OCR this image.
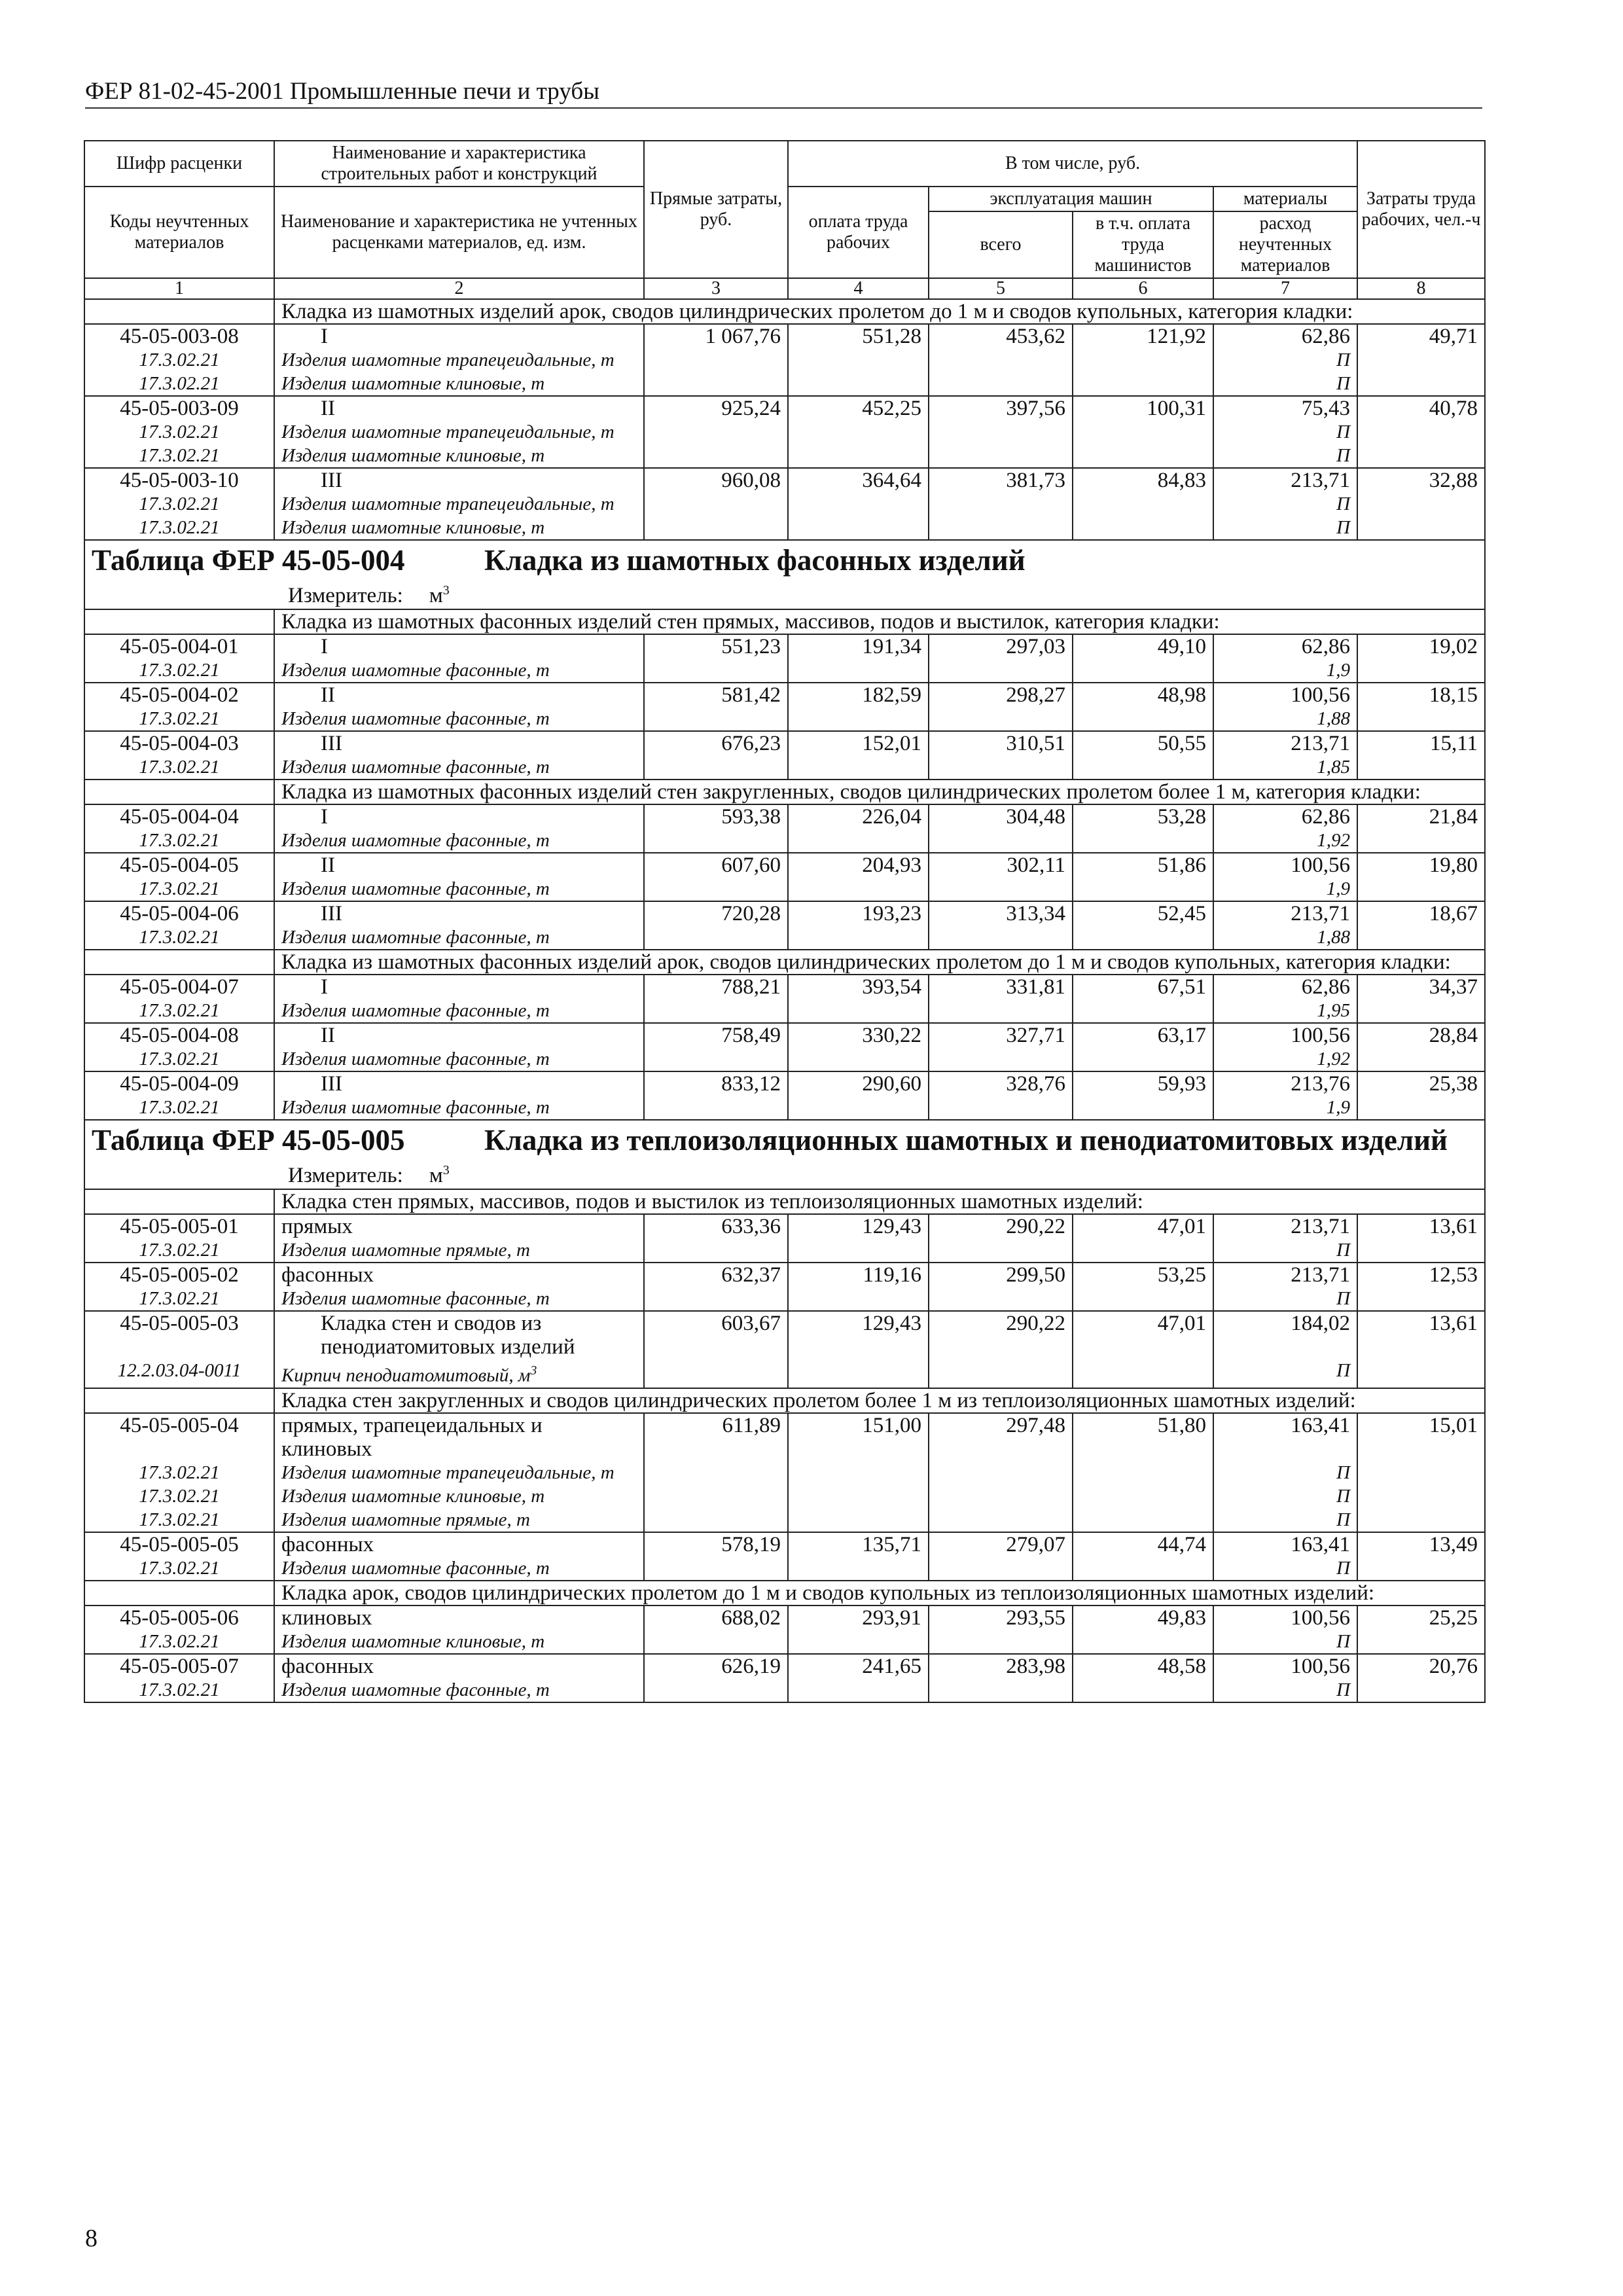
ФЕР 81-02-45-2001 Промышленные печи и трубы
Шифр расценки	Наименование и характеристика строительных работ и конструкций	Прямые затраты, руб.	В том числе, руб.				Затраты труда рабочих, чел.-ч
Коды неучтенных материалов	Наименование и характеристика не учтенных расценками материалов, ед. изм.		оплата труда рабочих	эксплуатация машин		материалы	
				всего	в т.ч. оплата труда машинистов	расход неучтенных материалов	
1	2	3	4	5	6	7	8
	Кладка из шамотных изделий арок, сводов цилиндрических пролетом до 1 м и сводов купольных, категория кладки:						
45-05-003-08	I	1 067,76	551,28	453,62	121,92	62,86	49,71
17.3.02.21	Изделия шамотные трапецеидальные, т					П	
17.3.02.21	Изделия шамотные клиновые, т					П	
45-05-003-09	II	925,24	452,25	397,56	100,31	75,43	40,78
17.3.02.21	Изделия шамотные трапецеидальные, т					П	
17.3.02.21	Изделия шамотные клиновые, т					П	
45-05-003-10	III	960,08	364,64	381,73	84,83	213,71	32,88
17.3.02.21	Изделия шамотные трапецеидальные, т					П	
17.3.02.21	Изделия шамотные клиновые, т					П	
Таблица ФЕР 45-05-004 Кладка из шамотных фасонных изделий							
Измеритель: $м^3$
	Кладка из шамотных фасонных изделий стен прямых, массивов, подов и выстилок, категория кладки:						
45-05-004-01	I	551,23	191,34	297,03	49,10	62,86	19,02
17.3.02.21	Изделия шамотные фасонные, т					1,9	
45-05-004-02	II	581,42	182,59	298,27	48,98	100,56	18,15
17.3.02.21	Изделия шамотные фасонные, т					1,88	
45-05-004-03	III	676,23	152,01	310,51	50,55	213,71	15,11
17.3.02.21	Изделия шамотные фасонные, т					1,85	
	Кладка из шамотных фасонных изделий стен закругленных, сводов цилиндрических пролетом более 1 м, категория кладки:						
45-05-004-04	I	593,38	226,04	304,48	53,28	62,86	21,84
17.3.02.21	Изделия шамотные фасонные, т					1,92	
45-05-004-05	II	607,60	204,93	302,11	51,86	100,56	19,80
17.3.02.21	Изделия шамотные фасонные, т					1,9	
45-05-004-06	III	720,28	193,23	313,34	52,45	213,71	18,67
17.3.02.21	Изделия шамотные фасонные, т					1,88	
	Кладка из шамотных фасонных изделий арок, сводов цилиндрических пролетом до 1 м и сводов купольных, категория кладки:						
45-05-004-07	I	788,21	393,54	331,81	67,51	62,86	34,37
17.3.02.21	Изделия шамотные фасонные, т					1,95	
45-05-004-08	II	758,49	330,22	327,71	63,17	100,56	28,84
17.3.02.21	Изделия шамотные фасонные, т					1,92	
45-05-004-09	III	833,12	290,60	328,76	59,93	213,76	25,38
17.3.02.21	Изделия шамотные фасонные, т					1,9	
Таблица ФЕР 45-05-005 Кладка из теплоизоляционных шамотных и пенодиатомитовых изделий							
Измеритель: $м^3$
	Кладка стен прямых, массивов, подов и выстилок из теплоизоляционных шамотных изделий:						
45-05-005-01	прямых	633,36	129,43	290,22	47,01	213,71	13,61
17.3.02.21	Изделия шамотные прямые, т					П	
45-05-005-02	фасонных	632,37	119,16	299,50	53,25	213,71	12,53
17.3.02.21	Изделия шамотные фасонные, т					П	
45-05-005-03	Кладка стен и сводов из пенодиатомитовых изделий	603,67	129,43	290,22	47,01	184,02	13,61
12.2.03.04-0011	Кирпич пенодиатомитовый, $м^3$					П	
	Кладка стен закругленных и сводов цилиндрических пролетом более 1 м из теплоизоляционных шамотных изделий:						
45-05-005-04	прямых, трапецеидальных и клиновых	611,89	151,00	297,48	51,80	163,41	15,01
17.3.02.21	Изделия шамотные трапецеидальные, т					П	
17.3.02.21	Изделия шамотные клиновые, т					П	
17.3.02.21	Изделия шамотные прямые, т					П	
45-05-005-05	фасонных	578,19	135,71	279,07	44,74	163,41	13,49
17.3.02.21	Изделия шамотные фасонные, т					П	
	Кладка арок, сводов цилиндрических пролетом до 1 м и сводов купольных из теплоизоляционных шамотных изделий:						
45-05-005-06	клиновых	688,02	293,91	293,55	49,83	100,56	25,25
17.3.02.21	Изделия шамотные клиновые, т					П	
45-05-005-07	фасонных	626,19	241,65	283,98	48,58	100,56	20,76
17.3.02.21	Изделия шамотные фасонные, т					П	
8
